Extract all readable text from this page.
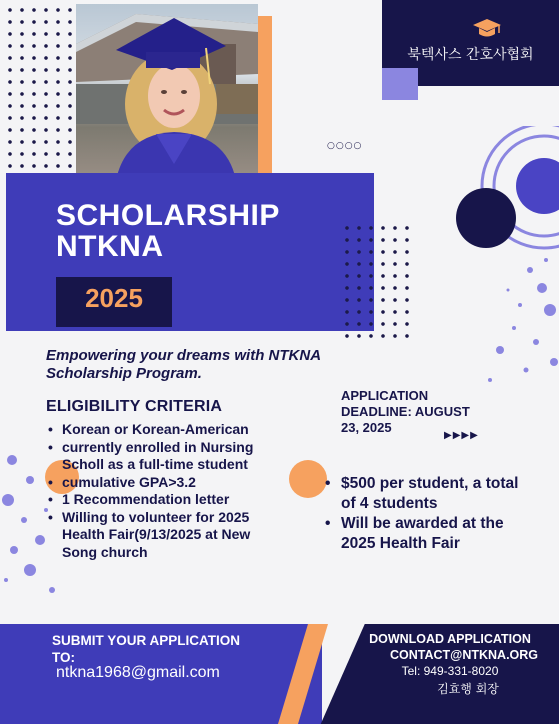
북텍사스 간호사협회
○○○○
SCHOLARSHIP
NTKNA
2025
Empowering your dreams with NTKNA
Scholarship Program.
ELIGIBILITY CRITERIA
• Korean or Korean-American
• currently enrolled in Nursing Scholl as a full-time student
• cumulative GPA>3.2
• 1 Recommendation letter
• Willing to volunteer for 2025 Health Fair(9/13/2025 at New Song church
APPLICATION
DEADLINE: AUGUST
23, 2025
▶▶▶▶
• $500 per student, a total of 4 students
• Will be awarded at the 2025 Health Fair
SUBMIT YOUR APPLICATION
TO:
ntkna1968@gmail.com
DOWNLOAD APPLICATION
CONTACT@NTKNA.ORG
Tel: 949-331-8020
김효행 회장
